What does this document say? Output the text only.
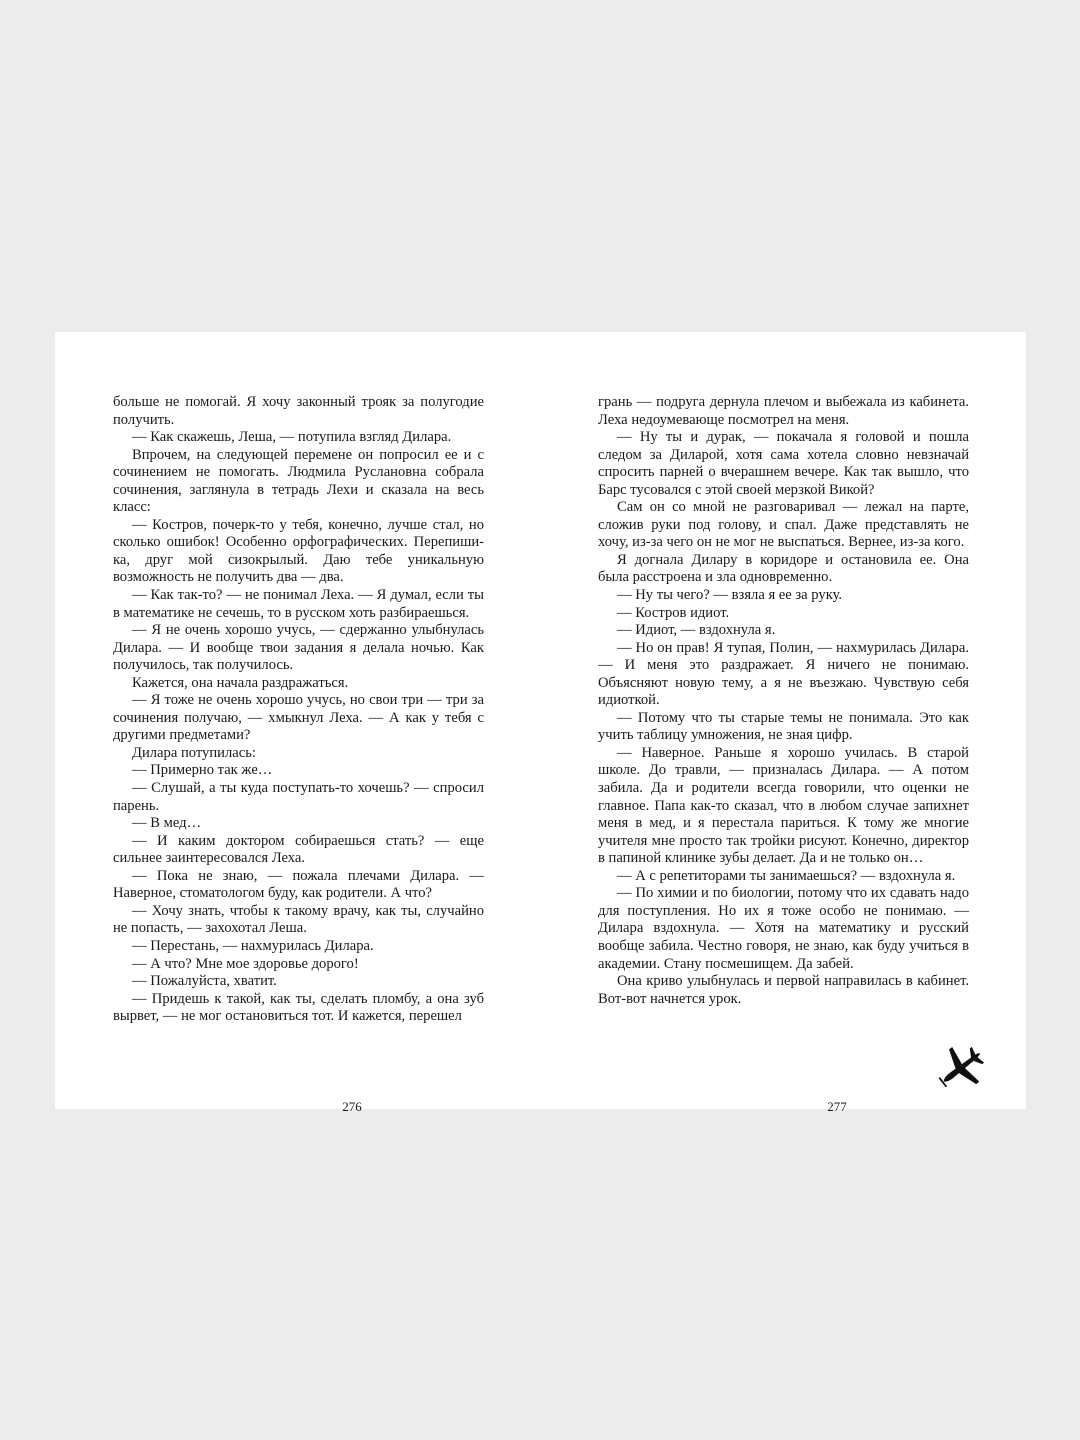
больше не помогай. Я хочу законный трояк за полугодие получить.

— Как скажешь, Леша, — потупила взгляд Дилара.

Впрочем, на следующей перемене он попросил ее и с сочинением не помогать. Людмила Руслановна собрала сочинения, заглянула в тетрадь Лехи и сказала на весь класс:

— Костров, почерк-то у тебя, конечно, лучше стал, но сколько ошибок! Особенно орфографических. Перепиши-ка, друг мой сизокрылый. Даю тебе уникальную возможность не получить два — два.

— Как так-то? — не понимал Леха. — Я думал, если ты в математике не сечешь, то в русском хоть разбираешься.

— Я не очень хорошо учусь, — сдержанно улыбнулась Дилара. — И вообще твои задания я делала ночью. Как получилось, так получилось.

Кажется, она начала раздражаться.

— Я тоже не очень хорошо учусь, но свои три — три за сочинения получаю, — хмыкнул Леха. — А как у тебя с другими предметами?

Дилара потупилась:

— Примерно так же…

— Слушай, а ты куда поступать-то хочешь? — спросил парень.

— В мед…

— И каким доктором собираешься стать? — еще сильнее заинтересовался Леха.

— Пока не знаю, — пожала плечами Дилара. — Наверное, стоматологом буду, как родители. А что?

— Хочу знать, чтобы к такому врачу, как ты, случайно не попасть, — захохотал Леша.

— Перестань, — нахмурилась Дилара.

— А что? Мне мое здоровье дорого!

— Пожалуйста, хватит.

— Придешь к такой, как ты, сделать пломбу, а она зуб вырвет, — не мог остановиться тот. И кажется, перешел

грань — подруга дернула плечом и выбежала из кабинета. Леха недоумевающе посмотрел на меня.

— Ну ты и дурак, — покачала я головой и пошла следом за Диларой, хотя сама хотела словно невзначай спросить парней о вчерашнем вечере. Как так вышло, что Барс тусовался с этой своей мерзкой Викой?

Сам он со мной не разговаривал — лежал на парте, сложив руки под голову, и спал. Даже представлять не хочу, из-за чего он не мог не выспаться. Вернее, из-за кого.

Я догнала Дилару в коридоре и остановила ее. Она была расстроена и зла одновременно.

— Ну ты чего? — взяла я ее за руку.

— Костров идиот.

— Идиот, — вздохнула я.

— Но он прав! Я тупая, Полин, — нахмурилась Дилара. — И меня это раздражает. Я ничего не понимаю. Объясняют новую тему, а я не въезжаю. Чувствую себя идиоткой.

— Потому что ты старые темы не понимала. Это как учить таблицу умножения, не зная цифр.

— Наверное. Раньше я хорошо училась. В старой школе. До травли, — призналась Дилара. — А потом забила. Да и родители всегда говорили, что оценки не главное. Папа как-то сказал, что в любом случае запихнет меня в мед, и я перестала париться. К тому же многие учителя мне просто так тройки рисуют. Конечно, директор в папиной клинике зубы делает. Да и не только он…

— А с репетиторами ты занимаешься? — вздохнула я.

— По химии и по биологии, потому что их сдавать надо для поступления. Но их я тоже особо не понимаю. — Дилара вздохнула. — Хотя на математику и русский вообще забила. Честно говоря, не знаю, как буду учиться в академии. Стану посмешищем. Да забей.

Она криво улыбнулась и первой направилась в кабинет. Вот-вот начнется урок.

276	277
